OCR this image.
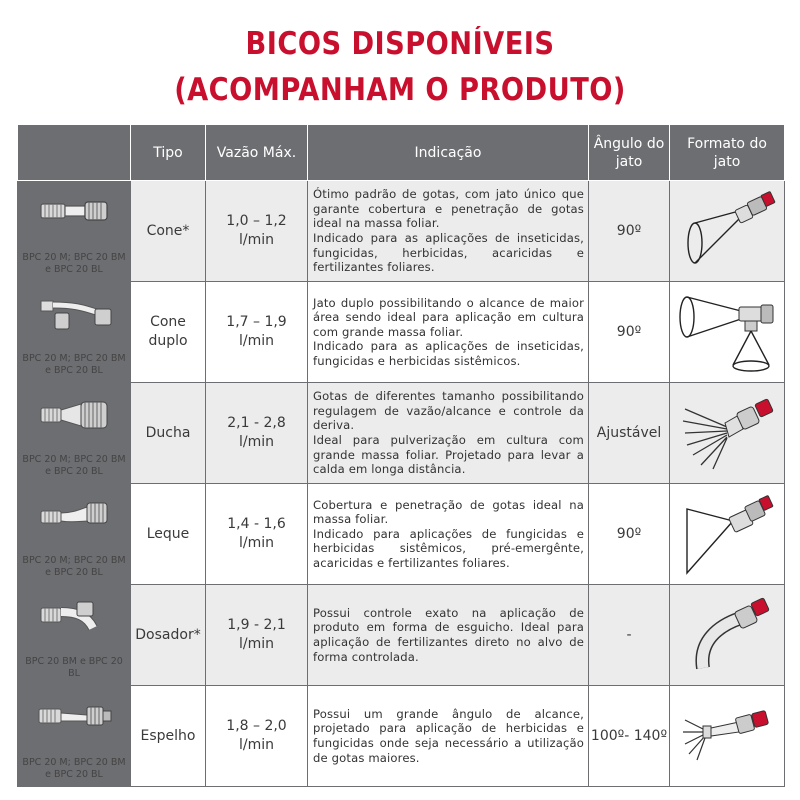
BICOS DISPONÍVEIS
(ACOMPANHAM O PRODUTO)
	Tipo	Vazão Máx.	Indicação	Ângulo do jato	Formato do jato

BPC 20 M; BPC 20 BM e BPC 20 BL	Cone*	1,0 – 1,2 l/min	Ótimo padrão de gotas, com jato único que garante cobertura e penetração de gotas ideal na massa foliar.
Indicado para as aplicações de inseticidas, fungicidas, herbicidas, acaricidas e fertilizantes foliares.	90º	

BPC 20 M; BPC 20 BM e BPC 20 BL	Cone duplo	1,7 – 1,9 l/min	Jato duplo possibilitando o alcance de maior área sendo ideal para aplicação em cultura com grande massa foliar.
Indicado para as aplicações de inseticidas, fungicidas e herbicidas sistêmicos.	90º	

BPC 20 M; BPC 20 BM e BPC 20 BL	Ducha	2,1 - 2,8 l/min	Gotas de diferentes tamanho possibilitando regulagem de vazão/alcance e controle da deriva.
Ideal para pulverização em cultura com grande massa foliar. Projetado para levar a calda em longa distância.	Ajustável	

BPC 20 M; BPC 20 BM e BPC 20 BL	Leque	1,4 - 1,6 l/min	Cobertura e penetração de gotas ideal na massa foliar.
Indicado para aplicações de fungicidas e herbicidas sistêmicos, pré-emergênte, acaricidas e fertilizantes foliares.	90º	

BPC 20 BM e BPC 20 BL	Dosador*	1,9 - 2,1 l/min	Possui controle exato na aplicação de produto em forma de esguicho. Ideal para aplicação de fertilizantes direto no alvo de forma controlada.	-	

BPC 20 M; BPC 20 BM e BPC 20 BL	Espelho	1,8 – 2,0 l/min	Possui um grande ângulo de alcance, projetado para aplicação de herbicidas e fungicidas onde seja necessário a utilização de gotas maiores.	100º- 140º	
